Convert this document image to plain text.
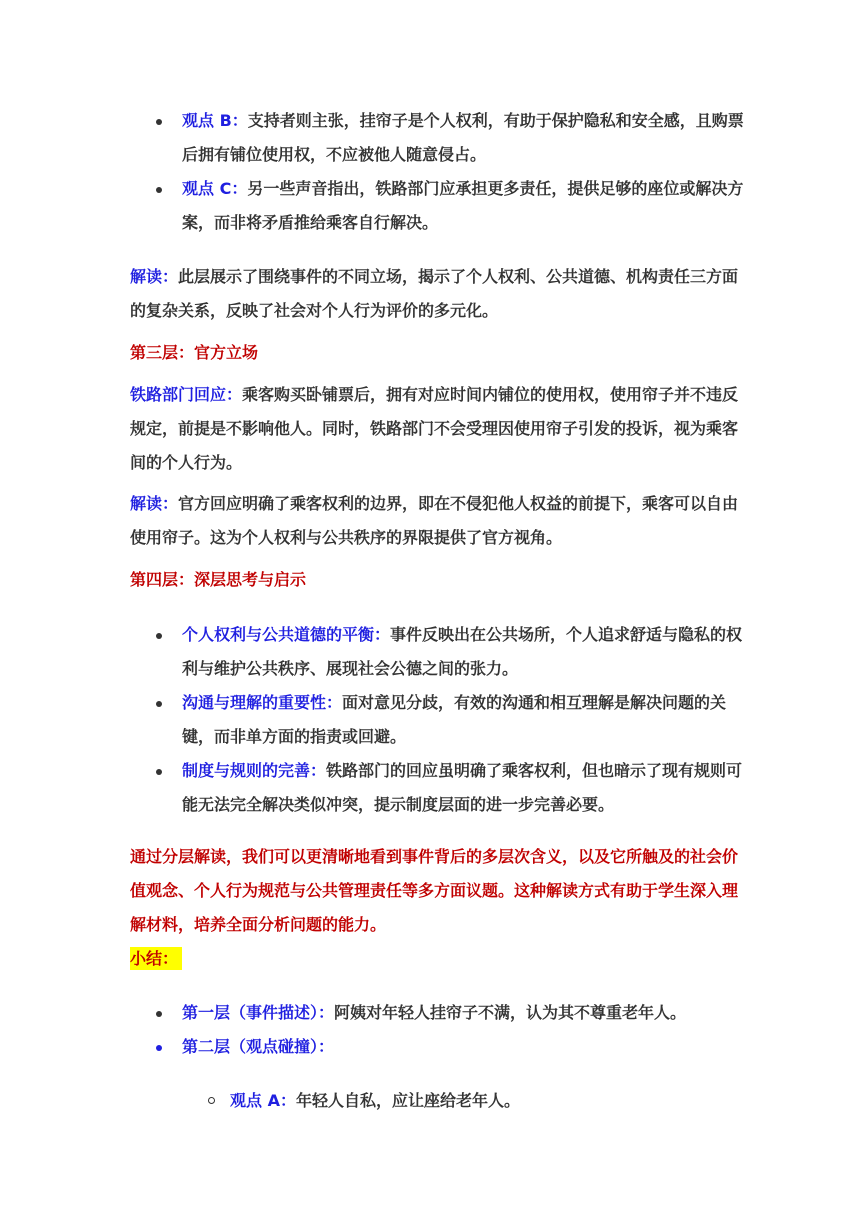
观点 B：支持者则主张，挂帘子是个人权利，有助于保护隐私和安全感，且购票后拥有铺位使用权，不应被他人随意侵占。
观点 C：另一些声音指出，铁路部门应承担更多责任，提供足够的座位或解决方案，而非将矛盾推给乘客自行解决。
解读：此层展示了围绕事件的不同立场，揭示了个人权利、公共道德、机构责任三方面的复杂关系，反映了社会对个人行为评价的多元化。
第三层：官方立场
铁路部门回应：乘客购买卧铺票后，拥有对应时间内铺位的使用权，使用帘子并不违反规定，前提是不影响他人。同时，铁路部门不会受理因使用帘子引发的投诉，视为乘客间的个人行为。
解读：官方回应明确了乘客权利的边界，即在不侵犯他人权益的前提下，乘客可以自由使用帘子。这为个人权利与公共秩序的界限提供了官方视角。
第四层：深层思考与启示
个人权利与公共道德的平衡：事件反映出在公共场所，个人追求舒适与隐私的权利与维护公共秩序、展现社会公德之间的张力。
沟通与理解的重要性：面对意见分歧，有效的沟通和相互理解是解决问题的关键，而非单方面的指责或回避。
制度与规则的完善：铁路部门的回应虽明确了乘客权利，但也暗示了现有规则可能无法完全解决类似冲突，提示制度层面的进一步完善必要。
通过分层解读，我们可以更清晰地看到事件背后的多层次含义，以及它所触及的社会价值观念、个人行为规范与公共管理责任等多方面议题。这种解读方式有助于学生深入理解材料，培养全面分析问题的能力。
小结：
第一层（事件描述）：阿姨对年轻人挂帘子不满，认为其不尊重老年人。
第二层（观点碰撞）：
观点 A：年轻人自私，应让座给老年人。
